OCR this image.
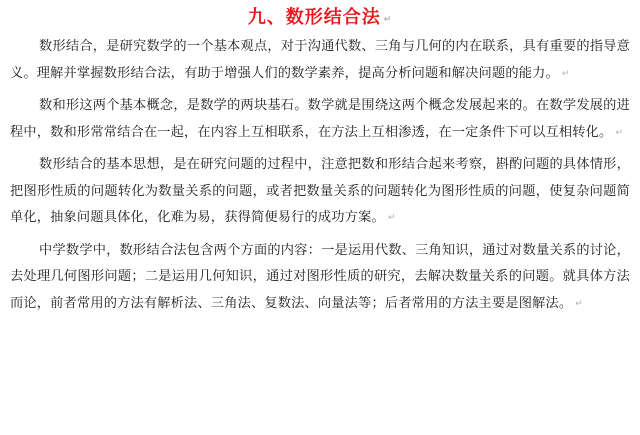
九、数形结合法 ↵

数形结合，是研究数学的一个基本观点，对于沟通代数、三角与几何的内在联系，具有重要的指导意义。理解并掌握数形结合法，有助于增强人们的数学素养，提高分析问题和解决问题的能力。 ↵

数和形这两个基本概念，是数学的两块基石。数学就是围绕这两个概念发展起来的。在数学发展的进程中，数和形常常结合在一起，在内容上互相联系，在方法上互相渗透，在一定条件下可以互相转化。 ↵

数形结合的基本思想，是在研究问题的过程中，注意把数和形结合起来考察，斟酌问题的具体情形，把图形性质的问题转化为数量关系的问题，或者把数量关系的问题转化为图形性质的问题，使复杂问题简单化，抽象问题具体化，化难为易，获得简便易行的成功方案。 ↵

中学数学中，数形结合法包含两个方面的内容：一是运用代数、三角知识，通过对数量关系的讨论，去处理几何图形问题；二是运用几何知识，通过对图形性质的研究，去解决数量关系的问题。就具体方法而论，前者常用的方法有解析法、三角法、复数法、向量法等；后者常用的方法主要是图解法。 ↵
